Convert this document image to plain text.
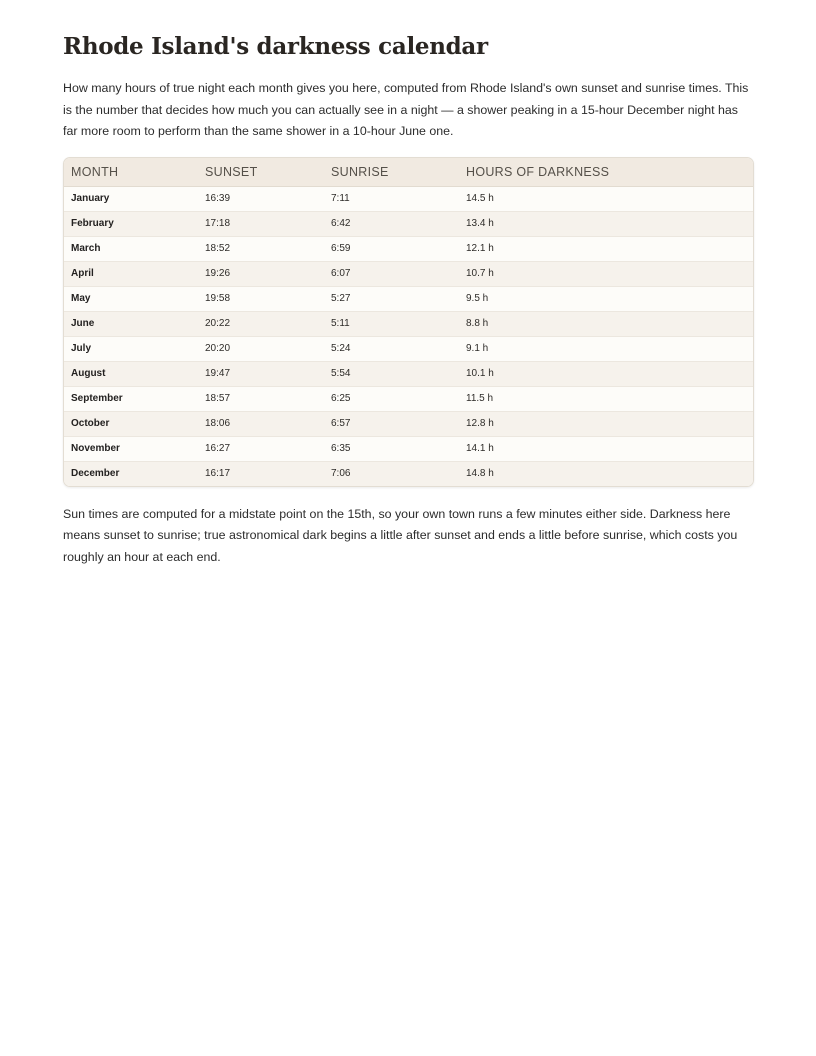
Rhode Island's darkness calendar

How many hours of true night each month gives you here, computed from Rhode Island's own sunset and sunrise times. This is the number that decides how much you can actually see in a night — a shower peaking in a 15-hour December night has far more room to perform than the same shower in a 10-hour June one.

MONTH	SUNSET	SUNRISE	HOURS OF DARKNESS
January	16:39	7:11	14.5 h
February	17:18	6:42	13.4 h
March	18:52	6:59	12.1 h
April	19:26	6:07	10.7 h
May	19:58	5:27	9.5 h
June	20:22	5:11	8.8 h
July	20:20	5:24	9.1 h
August	19:47	5:54	10.1 h
September	18:57	6:25	11.5 h
October	18:06	6:57	12.8 h
November	16:27	6:35	14.1 h
December	16:17	7:06	14.8 h

Sun times are computed for a midstate point on the 15th, so your own town runs a few minutes either side. Darkness here means sunset to sunrise; true astronomical dark begins a little after sunset and ends a little before sunrise, which costs you roughly an hour at each end.
